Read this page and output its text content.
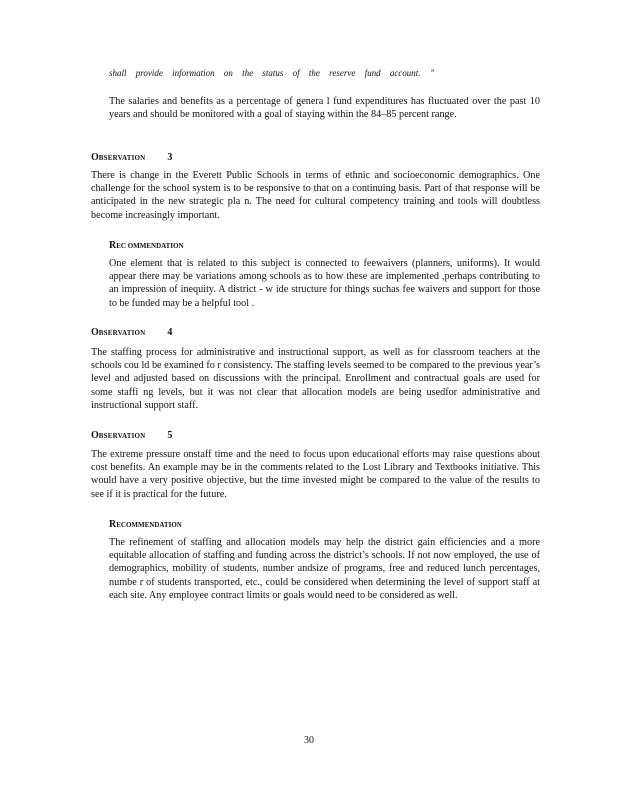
shall provide information on the status of the reserve fund account. ”

The salaries and benefits as a percentage of genera l fund expenditures has fluctuated over the past 10 years and should be monitored with a goal of staying within the 84–85 percent range.

OBSERVATION 3

There is change in the Everett Public Schools in terms of ethnic and socioeconomic demographics. One challenge for the school system is to be responsive to that on a continuing basis. Part of that response will be anticipated in the new strategic pla n. The need for cultural competency training and tools will doubtless become increasingly important.

REC OMMENDATION

One element that is related to this subject is connected to feewaivers (planners, uniforms). It would appear there may be variations among schools as to how these are implemented ,perhaps contributing to an impression of inequity. A district - w ide structure for things suchas fee waivers and support for those to be funded may be a helpful tool .

OBSERVATION 4

The staffing process for administrative and instructional support, as well as for classroom teachers at the schools cou ld be examined fo r consistency. The staffing levels seemed to be compared to the previous year’s level and adjusted based on discussions with the principal. Enrollment and contractual goals are used for some staffi ng levels, but it was not clear that allocation models are being usedfor administrative and instructional support staff.

OBSERVATION 5

The extreme pressure onstaff time and the need to focus upon educational efforts may raise questions about cost benefits. An example may be in the comments related to the Lost Library and Textbooks initiative. This would have a very positive objective, but the time invested might be compared to the value of the results to see if it is practical for the future.

RECOMMENDATION

The refinement of staffing and allocation models may help the district gain efficiencies and a more equitable allocation of staffing and funding across the district’s schools. If not now employed, the use of demographics, mobility of students, number andsize of programs, free and reduced lunch percentages, numbe r of students transported, etc., could be considered when determining the level of support staff at each site. Any employee contract limits or goals would need to be considered as well.

30
